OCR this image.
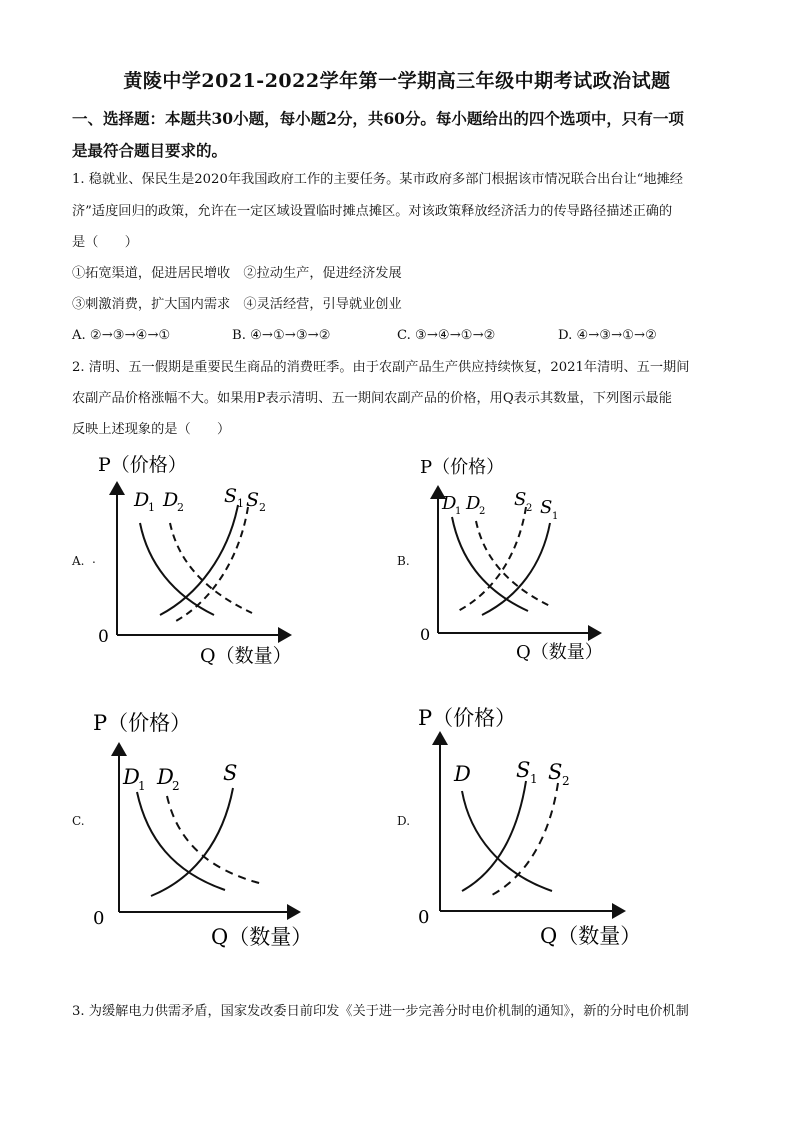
黄陵中学2021-2022学年第一学期高三年级中期考试政治试题
一、选择题：本题共30小题，每小题2分，共60分。每小题给出的四个选项中，只有一项
是最符合题目要求的。
1. 稳就业、保民生是2020年我国政府工作的主要任务。某市政府多部门根据该市情况联合出台让“地摊经
济”适度回归的政策，允许在一定区域设置临时摊点摊区。对该政策释放经济活力的传导路径描述正确的
是（　　）
①拓宽渠道，促进居民增收　②拉动生产，促进经济发展
③刺激消费，扩大国内需求　④灵活经营，引导就业创业
A. ②→③→④→①	B. ④→①→③→②	C. ③→④→①→②	D. ④→③→①→②
2. 清明、五一假期是重要民生商品的消费旺季。由于农副产品生产供应持续恢复，2021年清明、五一期间
农副产品价格涨幅不大。如果用P表示清明、五一期间农副产品的价格，用Q表示其数量，下列图示最能
反映上述现象的是（　　）
A. .	B.
C.	D.
P（价格）
Q（数量）
0
D
1 D
2
S 1 S 2
P（价格）
Q（数量）
0
D
1 D
2
S 2 S 1
P（价格）
Q（数量）
0
D
1 D
2
S
P（价格）
Q（数量）
0
D S 1 S 2
3. 为缓解电力供需矛盾，国家发改委日前印发《关于进一步完善分时电价机制的通知》，新的分时电价机制
